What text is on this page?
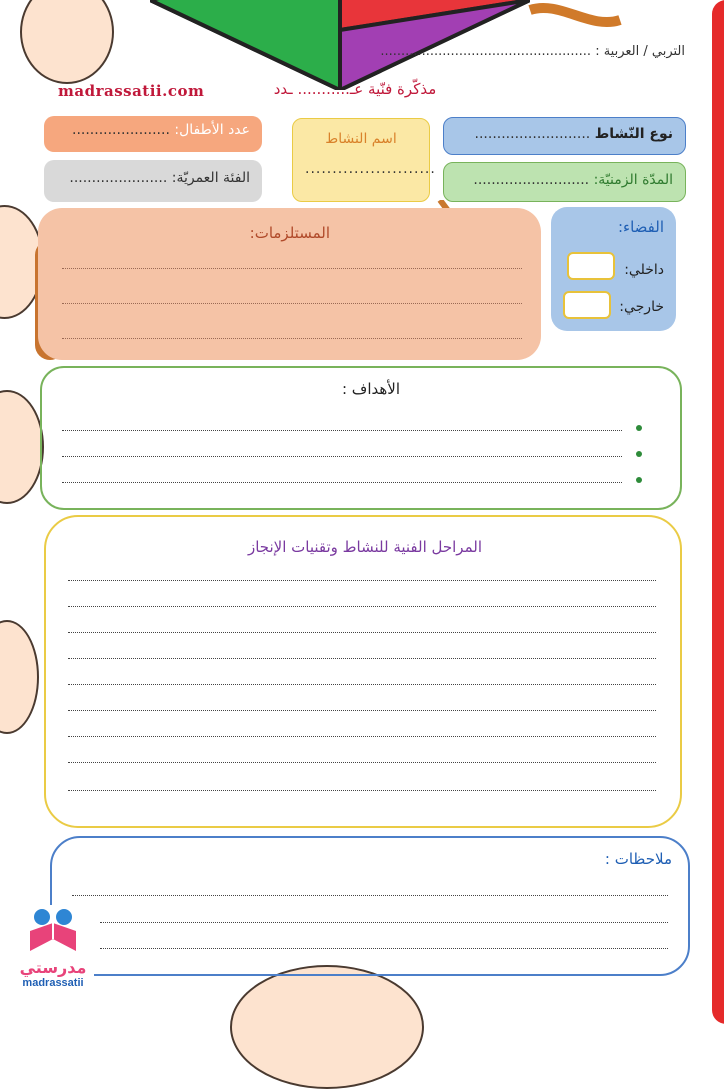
التربي / العربية : ...................................................
madrassatii.com	مذكّرة فنّية عـ........... ـدد
عدد الأطفال: ......................
الفئة العمريّة: ......................
اسم النشاط
........................
نوع النّشاط ..........................
المدّة الزمنيّة: ..........................
المستلزمات:	الفضاء:
داخلي:
خارجي:
الأهداف :
المراحل الفنية للنشاط وتقنيات الإنجاز
ملاحظات :
مدرستي
madrassatii
